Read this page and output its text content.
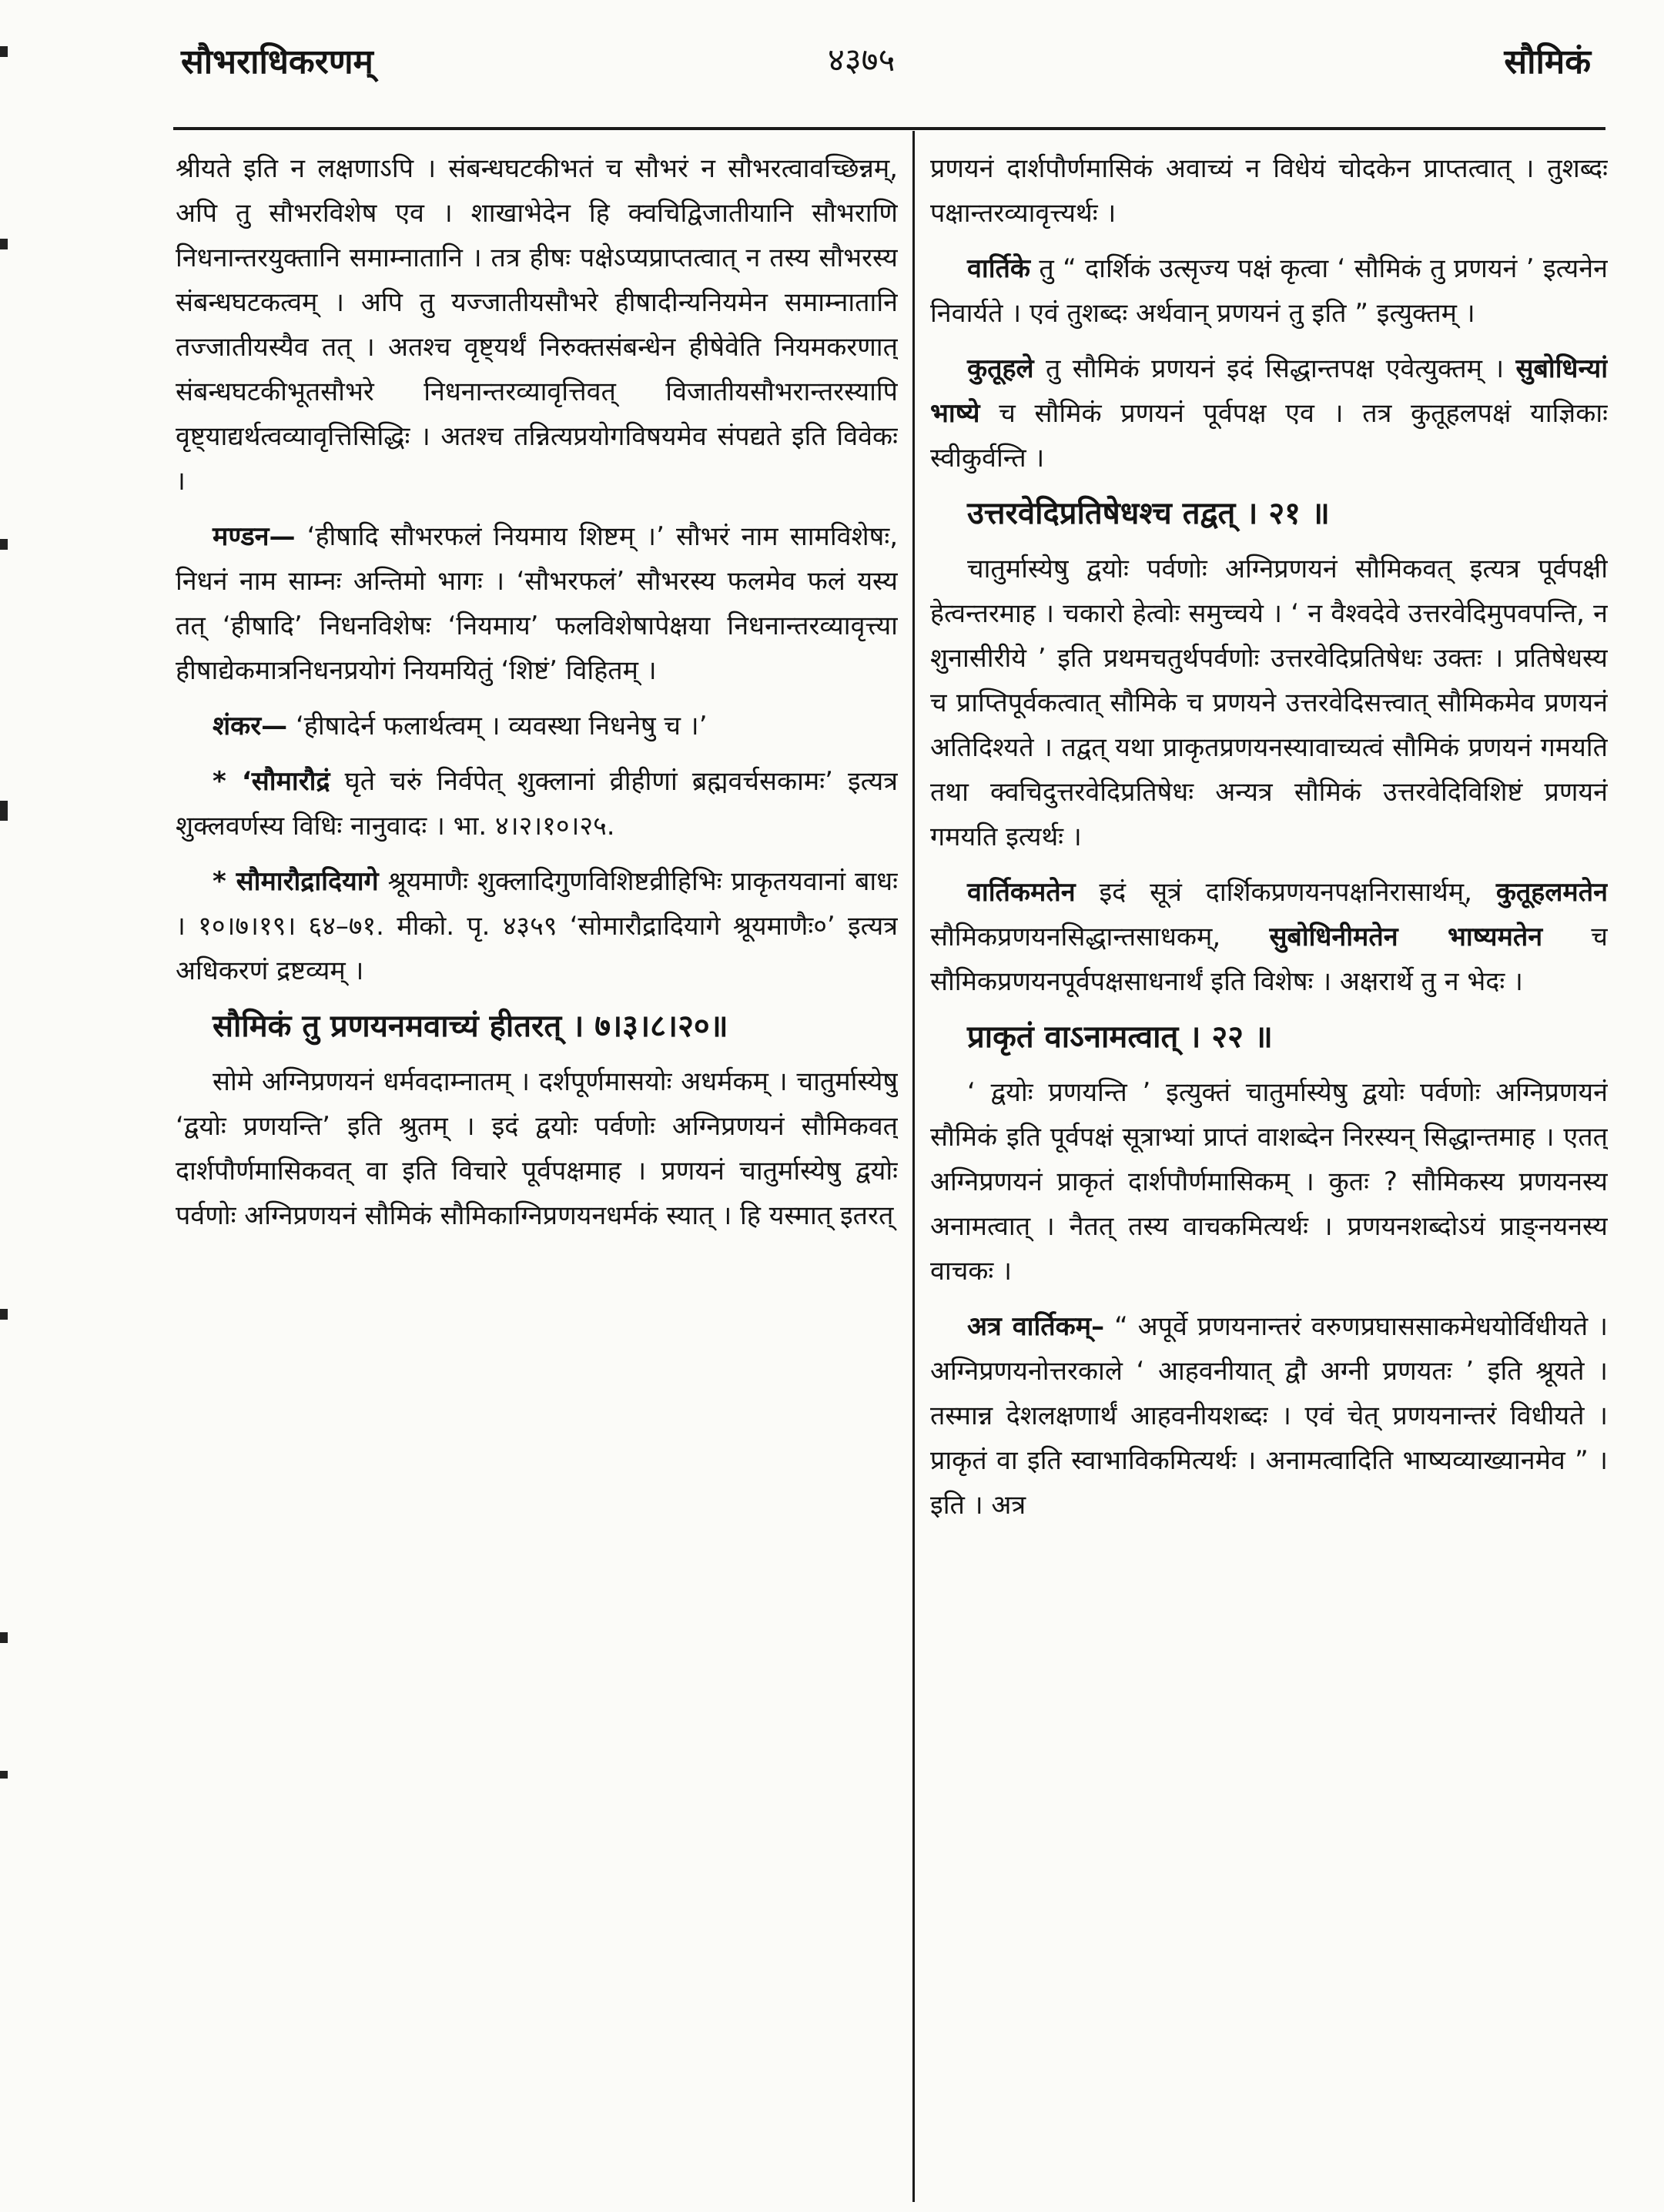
सौभराधिकरणम्	४३७५	सौमिकं

श्रीयते इति न लक्षणाऽपि । संबन्धघटकीभतं च सौभरं न सौभरत्वावच्छिन्नम्, अपि तु सौभरविशेष एव । शाखाभेदेन हि क्वचिद्विजातीयानि सौभराणि निधनान्तरयुक्तानि समाम्नातानि । तत्र हीषः पक्षेऽप्यप्राप्तत्वात् न तस्य सौभरस्य संबन्धघटकत्वम् । अपि तु यज्जातीयसौभरे हीषादीन्यनियमेन समाम्नातानि तज्जातीयस्यैव तत् । अतश्च वृष्ट्यर्थं निरुक्तसंबन्धेन हीषेवेति नियमकरणात् संबन्धघटकीभूतसौभरे निधनान्तरव्यावृत्तिवत् विजातीयसौभरान्तरस्यापि वृष्ट्याद्यर्थत्वव्यावृत्तिसिद्धिः । अतश्च तन्नित्यप्रयोगविषयमेव संपद्यते इति विवेकः ।

मण्डन— ‘हीषादि सौभरफलं नियमाय शिष्टम् ।’ सौभरं नाम सामविशेषः, निधनं नाम साम्नः अन्तिमो भागः । ‘सौभरफलं’ सौभरस्य फलमेव फलं यस्य तत् ‘हीषादि’ निधनविशेषः ‘नियमाय’ फलविशेषापेक्षया निधनान्तरव्यावृत्त्या हीषाद्येकमात्रनिधनप्रयोगं नियमयितुं ‘शिष्टं’ विहितम् ।

शंकर— ‘हीषादेर्न फलार्थत्वम् । व्यवस्था निधनेषु च ।’

* ‘सौमारौद्रं घृते चरुं निर्वपेत् शुक्लानां व्रीहीणां ब्रह्मवर्चसकामः’ इत्यत्र शुक्लवर्णस्य विधिः नानुवादः । भा. ४।२।१०।२५.

* सौमारौद्रादियागे श्रूयमाणैः शुक्लादिगुणविशिष्टव्रीहिभिः प्राकृतयवानां बाधः । १०।७।१९। ६४–७१. मीको. पृ. ४३५९ ‘सोमारौद्रादियागे श्रूयमाणैः०’ इत्यत्र अधिकरणं द्रष्टव्यम् ।

सौमिकं तु प्रणयनमवाच्यं हीतरत् । ७।३।८।२०॥

सोमे अग्निप्रणयनं धर्मवदाम्नातम् । दर्शपूर्णमासयोः अधर्मकम् । चातुर्मास्येषु ‘द्वयोः प्रणयन्ति’ इति श्रुतम् । इदं द्वयोः पर्वणोः अग्निप्रणयनं सौमिकवत् दार्शपौर्णमासिकवत् वा इति विचारे पूर्वपक्षमाह । प्रणयनं चातुर्मास्येषु द्वयोः पर्वणोः अग्निप्रणयनं सौमिकं सौमिकाग्निप्रणयनधर्मकं स्यात् । हि यस्मात् इतरत्

प्रणयनं दार्शपौर्णमासिकं अवाच्यं न विधेयं चोदकेन प्राप्तत्वात् । तुशब्दः पक्षान्तरव्यावृत्त्यर्थः ।

वार्तिके तु “ दार्शिकं उत्सृज्य पक्षं कृत्वा ‘ सौमिकं तु प्रणयनं ’ इत्यनेन निवार्यते । एवं तुशब्दः अर्थवान् प्रणयनं तु इति ” इत्युक्तम् ।

कुतूहले तु सौमिकं प्रणयनं इदं सिद्धान्तपक्ष एवेत्युक्तम् । सुबोधिन्यां भाष्ये च सौमिकं प्रणयनं पूर्वपक्ष एव । तत्र कुतूहलपक्षं याज्ञिकाः स्वीकुर्वन्ति ।

उत्तरवेदिप्रतिषेधश्च तद्वत् । २१ ॥

चातुर्मास्येषु द्वयोः पर्वणोः अग्निप्रणयनं सौमिकवत् इत्यत्र पूर्वपक्षी हेत्वन्तरमाह । चकारो हेत्वोः समुच्चये । ‘ न वैश्वदेवे उत्तरवेदिमुपवपन्ति, न शुनासीरीये ’ इति प्रथमचतुर्थपर्वणोः उत्तरवेदिप्रतिषेधः उक्तः । प्रतिषेधस्य च प्राप्तिपूर्वकत्वात् सौमिके च प्रणयने उत्तरवेदिसत्त्वात् सौमिकमेव प्रणयनं अतिदिश्यते । तद्वत् यथा प्राकृतप्रणयनस्यावाच्यत्वं सौमिकं प्रणयनं गमयति तथा क्वचिदुत्तरवेदिप्रतिषेधः अन्यत्र सौमिकं उत्तरवेदिविशिष्टं प्रणयनं गमयति इत्यर्थः ।

वार्तिकमतेन इदं सूत्रं दार्शिकप्रणयनपक्षनिरासार्थम्, कुतूहलमतेन सौमिकप्रणयनसिद्धान्तसाधकम्, सुबोधिनीमतेन भाष्यमतेन च सौमिकप्रणयनपूर्वपक्षसाधनार्थं इति विशेषः । अक्षरार्थे तु न भेदः ।

प्राकृतं वाऽनामत्वात् । २२ ॥

‘ द्वयोः प्रणयन्ति ’ इत्युक्तं चातुर्मास्येषु द्वयोः पर्वणोः अग्निप्रणयनं सौमिकं इति पूर्वपक्षं सूत्राभ्यां प्राप्तं वाशब्देन निरस्यन् सिद्धान्तमाह । एतत् अग्निप्रणयनं प्राकृतं दार्शपौर्णमासिकम् । कुतः ? सौमिकस्य प्रणयनस्य अनामत्वात् । नैतत् तस्य वाचकमित्यर्थः । प्रणयनशब्दोऽयं प्राङ्नयनस्य वाचकः ।

अत्र वार्तिकम्– “ अपूर्वे प्रणयनान्तरं वरुणप्रघाससाकमेधयोर्विधीयते । अग्निप्रणयनोत्तरकाले ‘ आहवनीयात् द्वौ अग्नी प्रणयतः ’ इति श्रूयते । तस्मान्न देशलक्षणार्थं आहवनीयशब्दः । एवं चेत् प्रणयनान्तरं विधीयते । प्राकृतं वा इति स्वाभाविकमित्यर्थः । अनामत्वादिति भाष्यव्याख्यानमेव ” । इति । अत्र
